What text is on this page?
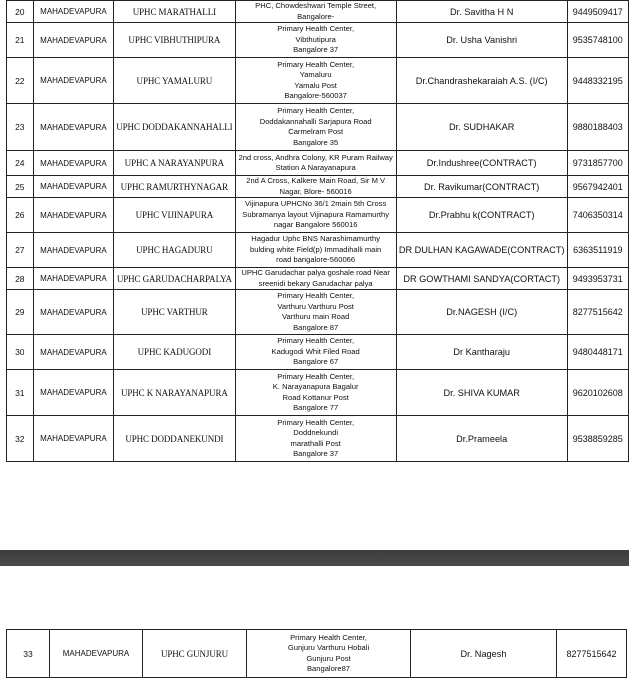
20	MAHADEVAPURA	UPHC MARATHALLI	PHC, Chowdeshwari Temple Street,
Bangalore-	Dr. Savitha H N	9449509417
21	MAHADEVAPURA	UPHC VIBHUTHIPURA	Primary Health Center,
Vibthutipura
Bangalore 37	Dr. Usha Vanishri	9535748100
22	MAHADEVAPURA	UPHC YAMALURU	Primary Health Center,
Yamaluru
Yamalu Post
Bangalore-560037	Dr.Chandrashekaraiah A.S. (I/C)	9448332195
23	MAHADEVAPURA	UPHC DODDAKANNAHALLI	Primary Health Center,
Doddakannahalli Sarjapura Road
Carmelram Post
Bangalore 35	Dr. SUDHAKAR	9880188403
24	MAHADEVAPURA	UPHC A NARAYANPURA	2nd cross, Andhra Colony, KR Puram Railway
Station A Narayanapura	Dr.Indushree(CONTRACT)	9731857700
25	MAHADEVAPURA	UPHC RAMURTHYNAGAR	2nd A Cross, Kalkere Main Road, Sir M V
Nagar, Blore- 560016	Dr. Ravikumar(CONTRACT)	9567942401
26	MAHADEVAPURA	UPHC VIJINAPURA	Vijinapura UPHCNo 36/1 2main 5th Cross
Subramanya layout Vijinapura Ramamurthy
nagar Bangalore 560016	Dr.Prabhu k(CONTRACT)	7406350314
27	MAHADEVAPURA	UPHC HAGADURU	Hagadur Uphc BNS Narashimamurthy
bulding white Field(p) Immadihalli main
road bangalore-560066	DR DULHAN KAGAWADE(CONTRACT)	6363511919
28	MAHADEVAPURA	UPHC GARUDACHARPALYA	UPHC Garudachar palya goshale road Near
sreenidi bekary Garudachar palya	DR GOWTHAMI SANDYA(CORTACT)	9493953731
29	MAHADEVAPURA	UPHC VARTHUR	Primary Health Center,
Varthuru Varthuru Post
Varthuru main Road
Bangalore 87	Dr.NAGESH (I/C)	8277515642
30	MAHADEVAPURA	UPHC KADUGODI	Primary Health Center,
Kadugodi Whit Filed Road
Bangalore 67	Dr Kantharaju	9480448171
31	MAHADEVAPURA	UPHC K NARAYANAPURA	Primary Health Center,
K. Narayanapura Bagalur
Road Kottanur Post
Bangalore 77	Dr. SHIVA KUMAR	9620102608
32	MAHADEVAPURA	UPHC DODDANEKUNDI	Primary Health Center,
Doddnekundi
marathalli Post
Bangalore 37	Dr.Prameela	9538859285
33	MAHADEVAPURA	UPHC GUNJURU	
Primary Health Center,
Gunjuru Varthuru Hobali
Gunjuru Post
Bangalore87
	Dr. Nagesh	8277515642
